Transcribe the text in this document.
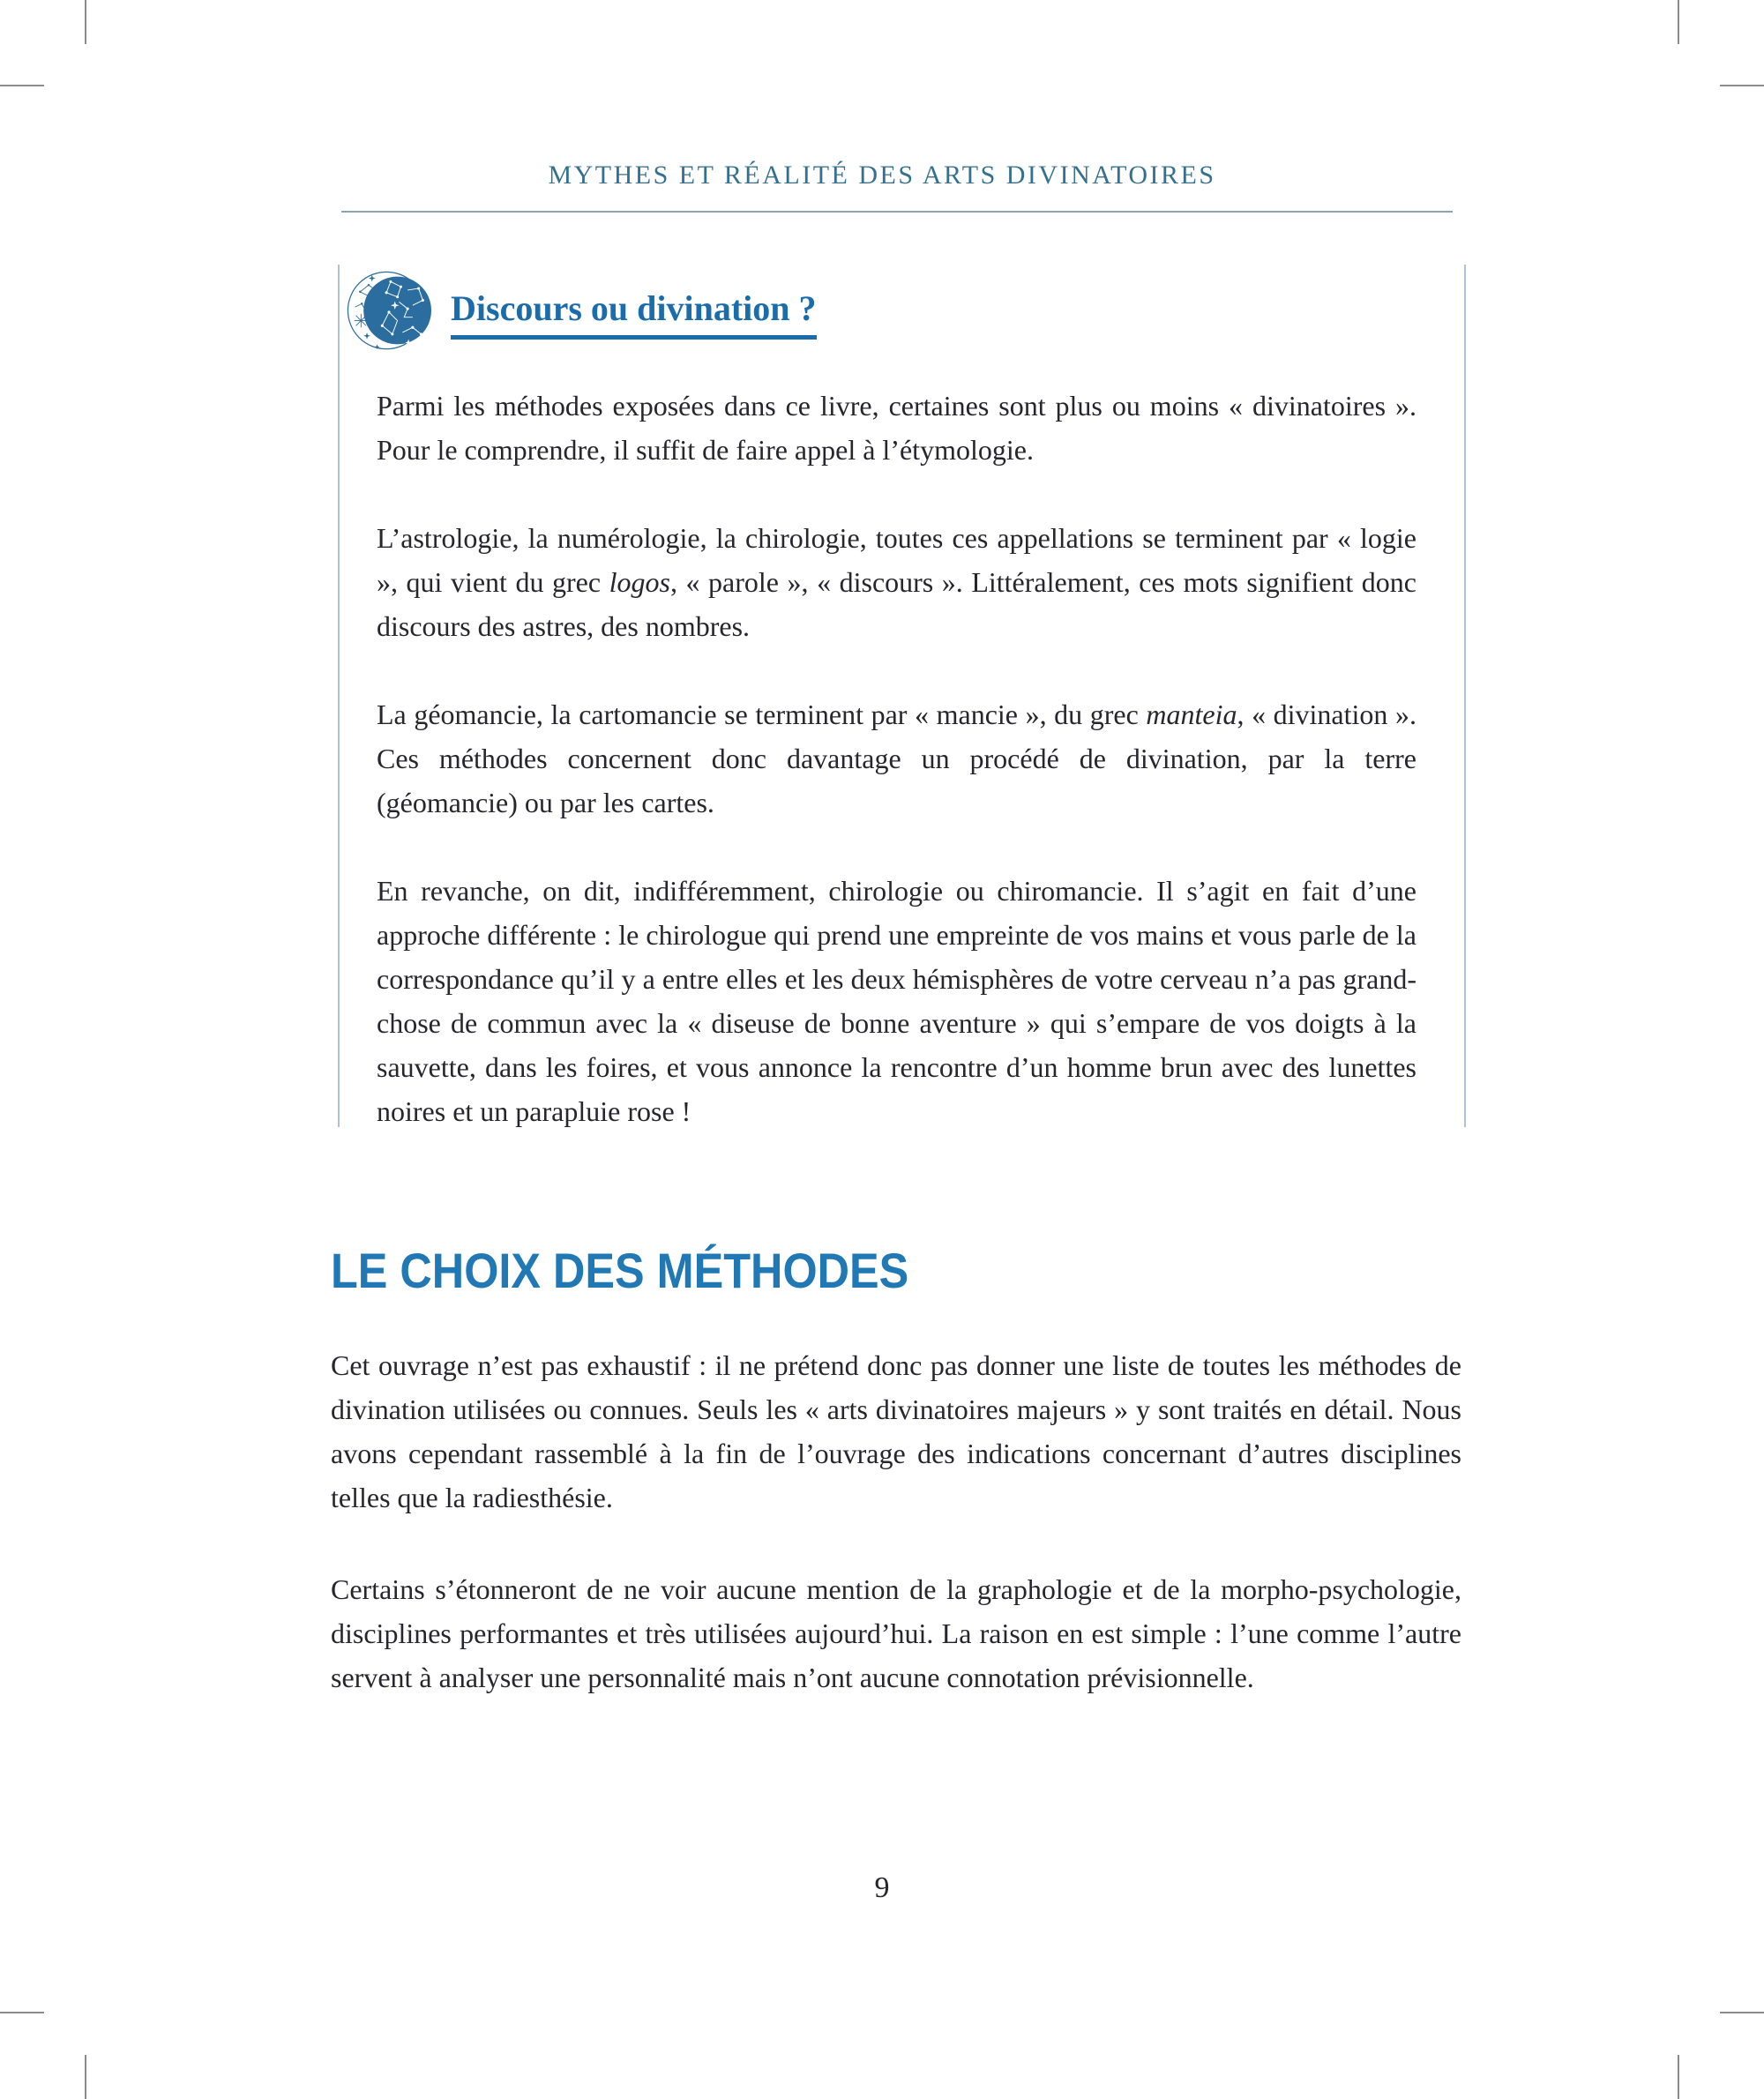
MYTHES ET RÉALITÉ DES ARTS DIVINATOIRES
Discours ou divination ?

Parmi les méthodes exposées dans ce livre, certaines sont plus ou moins « divinatoires ». Pour le comprendre, il suffit de faire appel à l’étymologie.

L’astrologie, la numérologie, la chirologie, toutes ces appellations se terminent par « logie », qui vient du grec logos, « parole », « discours ». Littéralement, ces mots signifient donc discours des astres, des nombres.

La géomancie, la cartomancie se terminent par « mancie », du grec manteia, « divination ». Ces méthodes concernent donc davantage un procédé de divination, par la terre (géomancie) ou par les cartes.

En revanche, on dit, indifféremment, chirologie ou chiromancie. Il s’agit en fait d’une approche différente : le chirologue qui prend une empreinte de vos mains et vous parle de la correspondance qu’il y a entre elles et les deux hémisphères de votre cerveau n’a pas grand-chose de commun avec la « diseuse de bonne aventure » qui s’empare de vos doigts à la sauvette, dans les foires, et vous annonce la rencontre d’un homme brun avec des lunettes noires et un parapluie rose !

LE CHOIX DES MÉTHODES

Cet ouvrage n’est pas exhaustif : il ne prétend donc pas donner une liste de toutes les méthodes de divination utilisées ou connues. Seuls les « arts divinatoires majeurs » y sont traités en détail. Nous avons cependant rassemblé à la fin de l’ouvrage des indications concernant d’autres disciplines telles que la radiesthésie.

Certains s’étonneront de ne voir aucune mention de la graphologie et de la morpho-psychologie, disciplines performantes et très utilisées aujourd’hui. La raison en est simple : l’une comme l’autre servent à analyser une personnalité mais n’ont aucune connotation prévisionnelle.

9
